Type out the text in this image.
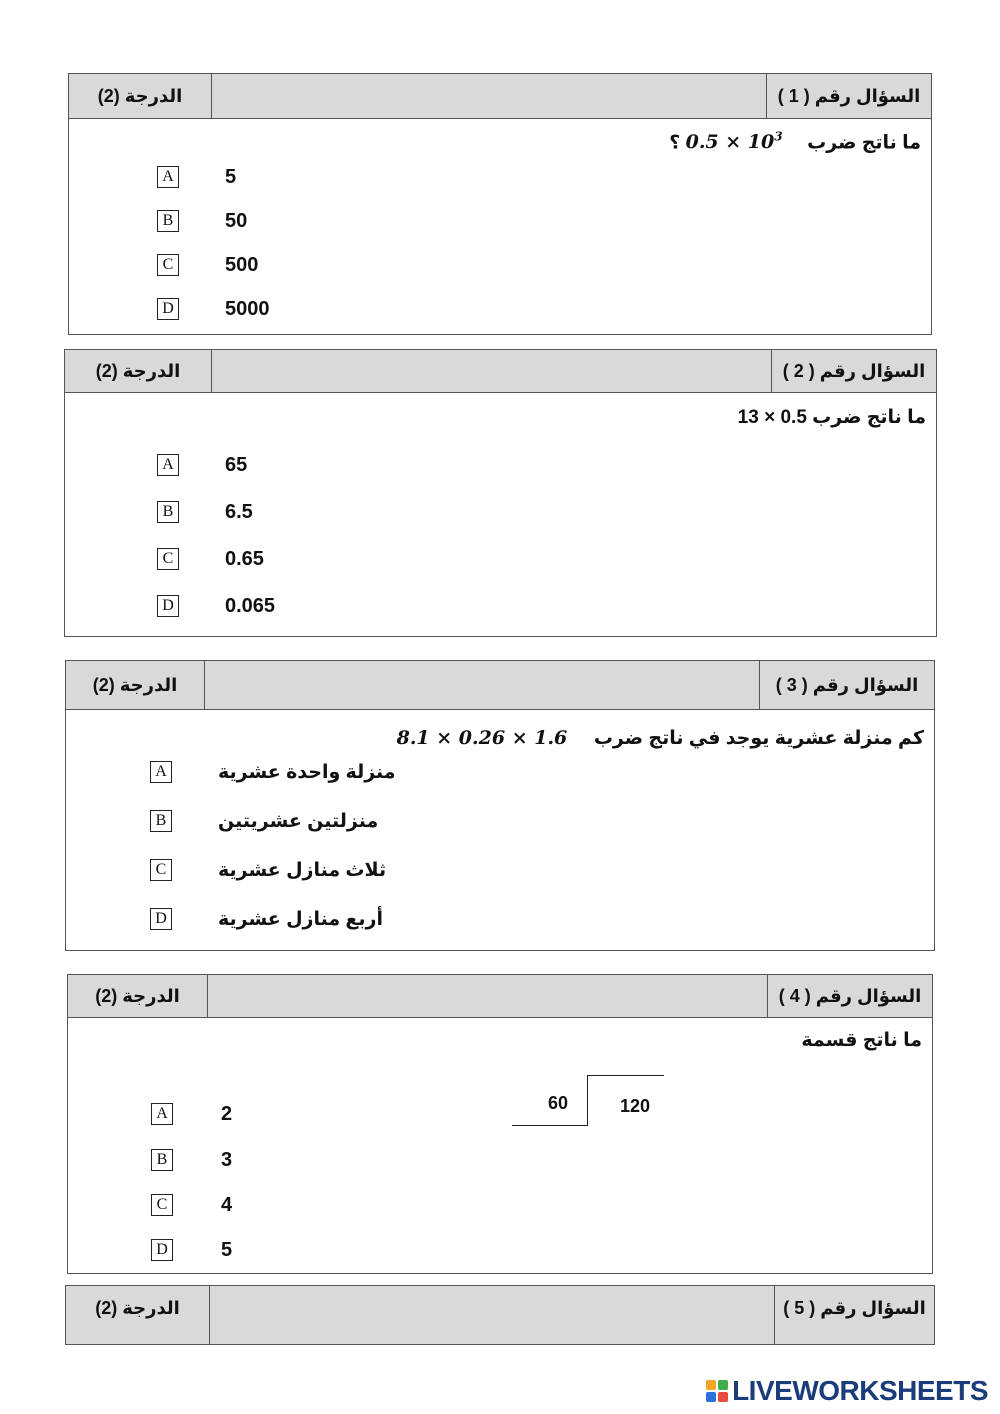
الدرجة (2)	السؤال رقم ( 1 )
ما ناتج ضرب  $0.5 \times 10^3$ ؟
A	5
B	50
C	500
D	5000
الدرجة (2)	السؤال رقم ( 2 )
ما ناتج ضرب 0.5 × 13
A	65
B	6.5
C	0.65
D	0.065
الدرجة (2)	السؤال رقم ( 3 )
كم منزلة عشرية يوجد في ناتج ضرب  8.1 × 0.26 × 1.6
A	منزلة واحدة عشرية
B	منزلتين عشريتين
C	ثلاث منازل عشرية
D	أربع منازل عشرية
الدرجة (2)	السؤال رقم ( 4 )
ما ناتج قسمة
60	120
A	2
B	3
C	4
D	5
الدرجة (2)	السؤال رقم ( 5 )
LIVEWORKSHEETS
